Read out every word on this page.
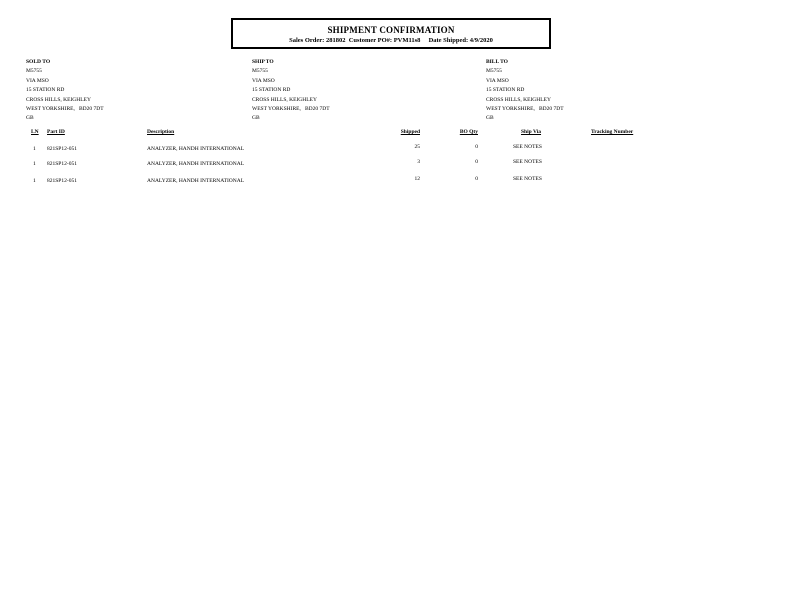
SHIPMENT CONFIRMATION
Sales Order: 281802 Customer PO#: PVM11s8 Date Shipped: 4/9/2020
SOLD TO
M5755
VIA MSO
15 STATION RD
CROSS HILLS, KEIGHLEY
WEST YORKSHIRE,   BD20 7DT
GB
SHIP TO
M5755
VIA MSO
15 STATION RD
CROSS HILLS, KEIGHLEY
WEST YORKSHIRE,   BD20 7DT
GB
BILL TO
M5755
VIA MSO
15 STATION RD
CROSS HILLS, KEIGHLEY
WEST YORKSHIRE,   BD20 7DT
GB
LN Part ID	Description	Shipped	BO Qty	Ship Via	Tracking Number
1 821SP12-051	ANALYZER, HANDH INTERNATIONAL	25	0	SEE NOTES
1 821SP12-051	ANALYZER, HANDH INTERNATIONAL	3	0	SEE NOTES
1 821SP12-051	ANALYZER, HANDH INTERNATIONAL	12	0	SEE NOTES
